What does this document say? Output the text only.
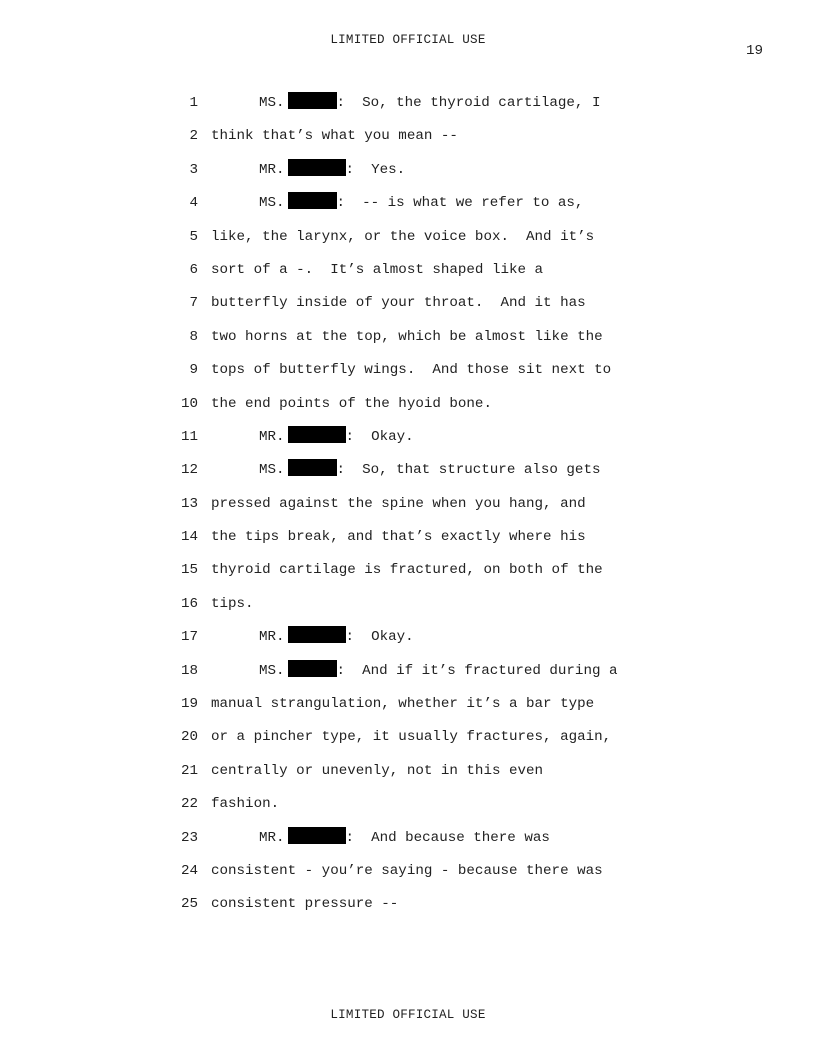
LIMITED OFFICIAL USE
19
1	MS.	:  So, the thyroid cartilage, I
2 think that’s what you mean --
3	MR.	:  Yes.
4	MS.	:  -- is what we refer to as,
5 like, the larynx, or the voice box.  And it’s
6 sort of a -.  It’s almost shaped like a
7 butterfly inside of your throat.  And it has
8 two horns at the top, which be almost like the
9 tops of butterfly wings.  And those sit next to
10 the end points of the hyoid bone.
11	MR.	:  Okay.
12	MS.	:  So, that structure also gets
13 pressed against the spine when you hang, and
14 the tips break, and that’s exactly where his
15 thyroid cartilage is fractured, on both of the
16 tips.
17	MR.	:  Okay.
18	MS.	:  And if it’s fractured during a
19 manual strangulation, whether it’s a bar type
20 or a pincher type, it usually fractures, again,
21 centrally or unevenly, not in this even
22 fashion.
23	MR.	:  And because there was
24 consistent - you’re saying - because there was
25 consistent pressure --
LIMITED OFFICIAL USE
